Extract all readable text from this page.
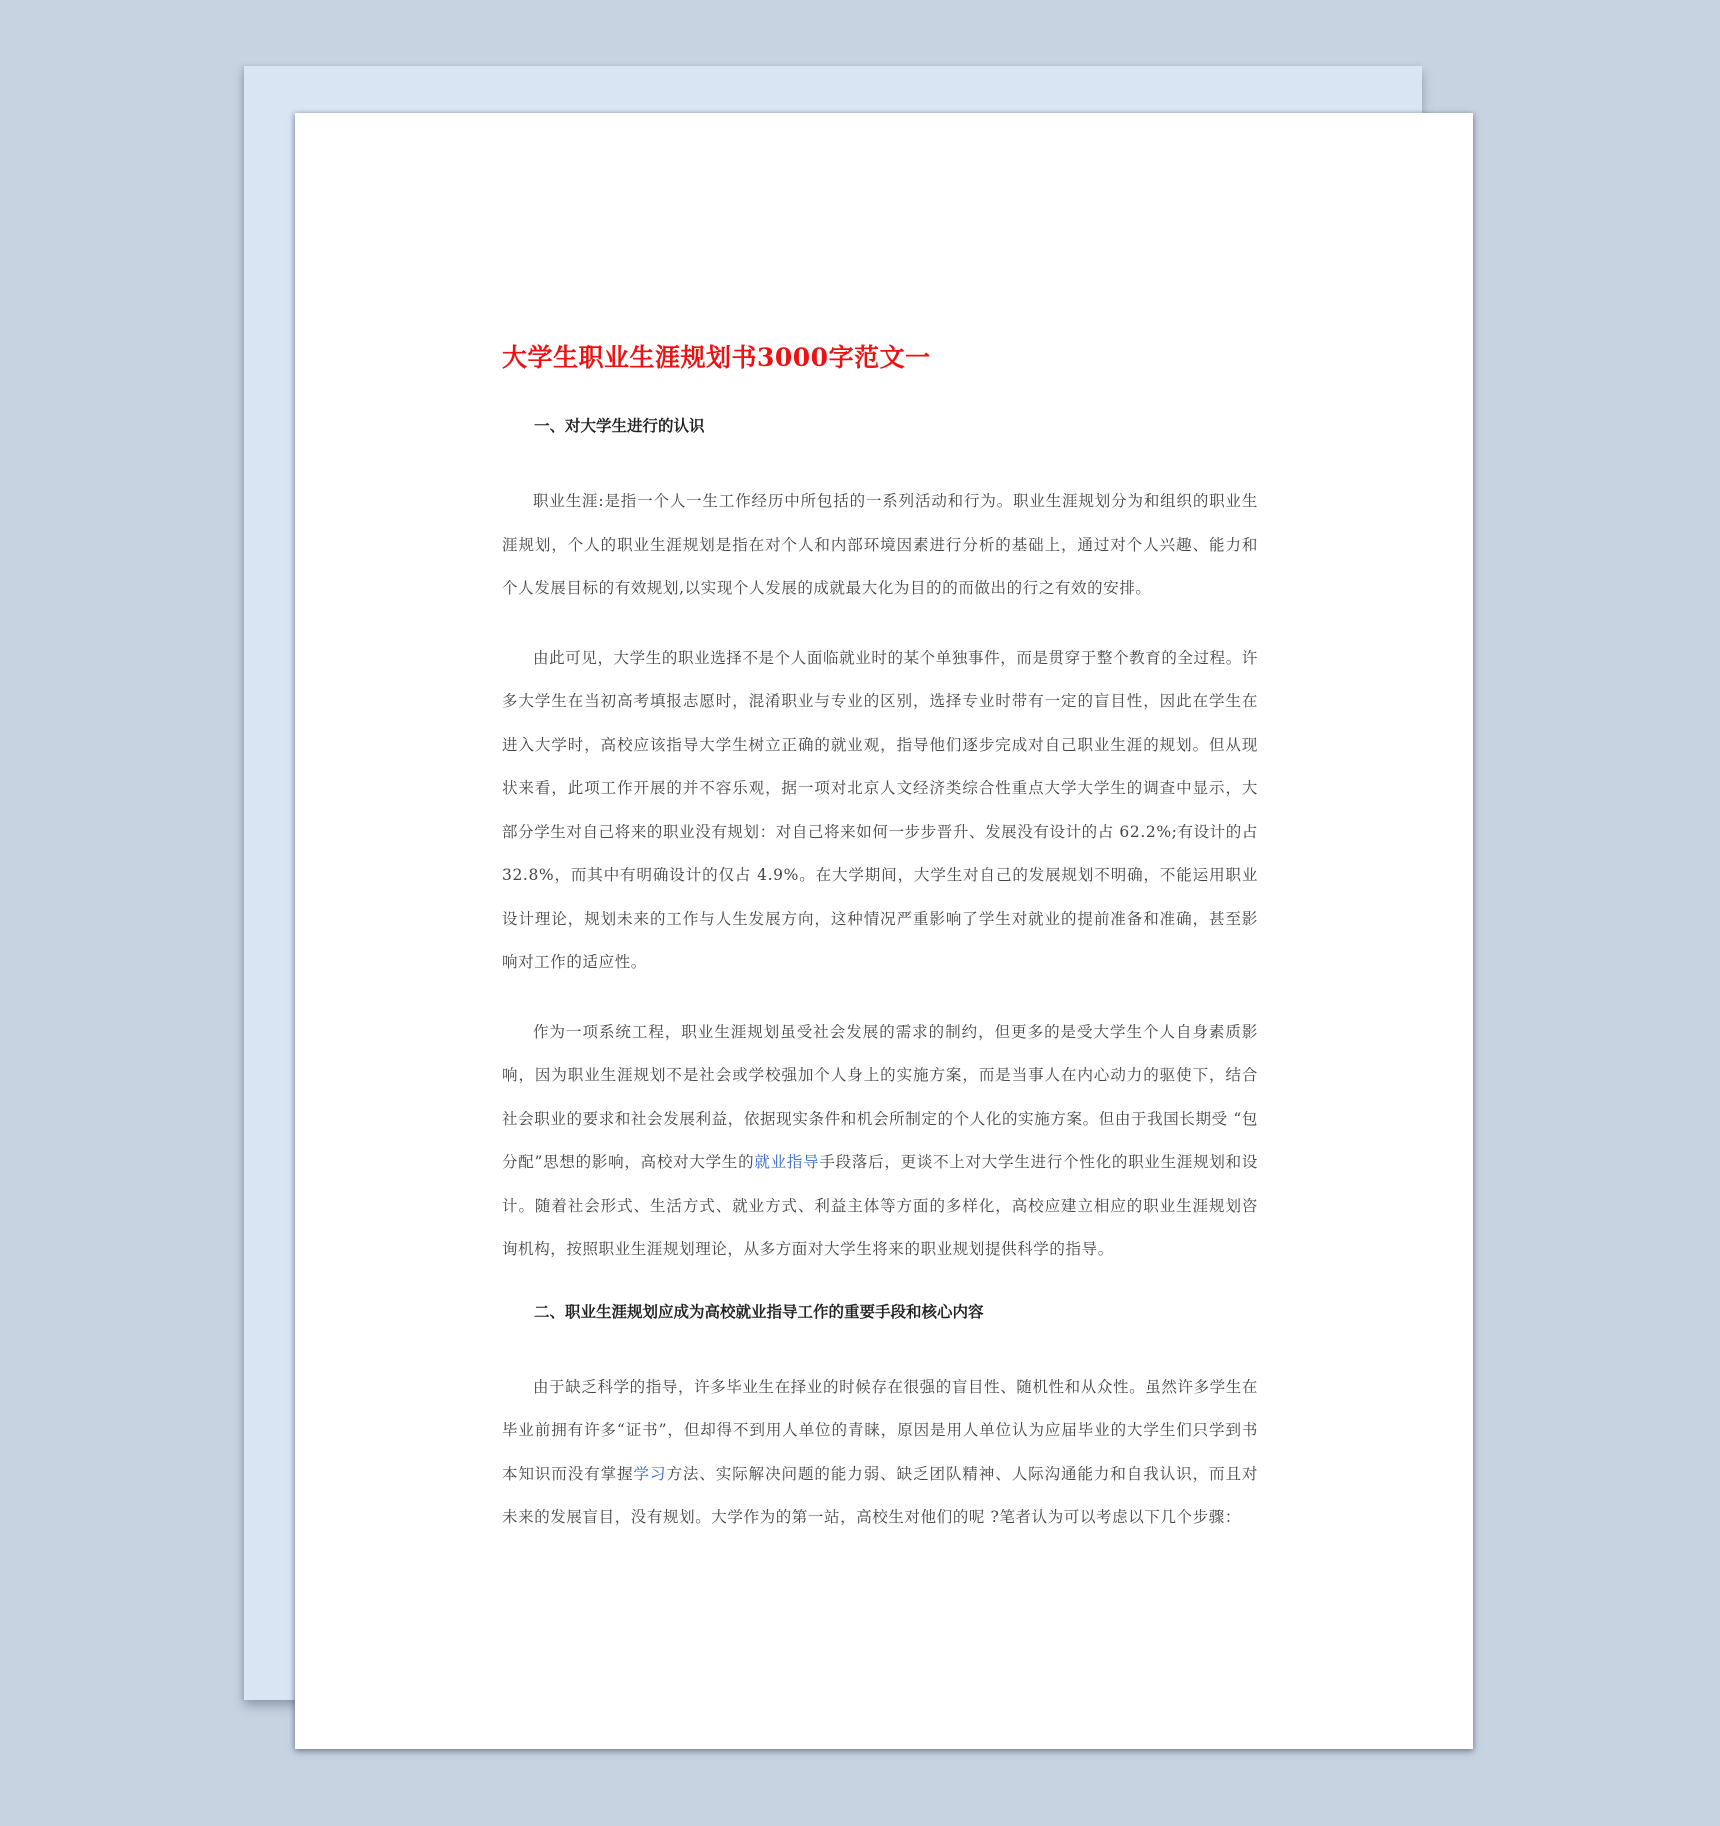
大学生职业生涯规划书3000字范文一
一、对大学生进行的认识

职业生涯:是指一个人一生工作经历中所包括的一系列活动和行为。职业生涯规划分为和组织的职业生涯规划，个人的职业生涯规划是指在对个人和内部环境因素进行分析的基础上，通过对个人兴趣、能力和个人发展目标的有效规划,以实现个人发展的成就最大化为目的的而做出的行之有效的安排。

由此可见，大学生的职业选择不是个人面临就业时的某个单独事件，而是贯穿于整个教育的全过程。许多大学生在当初高考填报志愿时，混淆职业与专业的区别，选择专业时带有一定的盲目性，因此在学生在进入大学时，高校应该指导大学生树立正确的就业观，指导他们逐步完成对自己职业生涯的规划。但从现状来看，此项工作开展的并不容乐观，据一项对北京人文经济类综合性重点大学大学生的调查中显示，大部分学生对自己将来的职业没有规划：对自己将来如何一步步晋升、发展没有设计的占 62.2%;有设计的占 32.8%，而其中有明确设计的仅占 4.9%。在大学期间，大学生对自己的发展规划不明确，不能运用职业设计理论，规划未来的工作与人生发展方向，这种情况严重影响了学生对就业的提前准备和准确，甚至影响对工作的适应性。

作为一项系统工程，职业生涯规划虽受社会发展的需求的制约，但更多的是受大学生个人自身素质影响，因为职业生涯规划不是社会或学校强加个人身上的实施方案，而是当事人在内心动力的驱使下，结合社会职业的要求和社会发展利益，依据现实条件和机会所制定的个人化的实施方案。但由于我国长期受 “包分配”思想的影响，高校对大学生的就业指导手段落后，更谈不上对大学生进行个性化的职业生涯规划和设计。随着社会形式、生活方式、就业方式、利益主体等方面的多样化，高校应建立相应的职业生涯规划咨询机构，按照职业生涯规划理论，从多方面对大学生将来的职业规划提供科学的指导。

二、职业生涯规划应成为高校就业指导工作的重要手段和核心内容

由于缺乏科学的指导，许多毕业生在择业的时候存在很强的盲目性、随机性和从众性。虽然许多学生在毕业前拥有许多“证书”，但却得不到用人单位的青睐，原因是用人单位认为应届毕业的大学生们只学到书本知识而没有掌握学习方法、实际解决问题的能力弱、缺乏团队精神、人际沟通能力和自我认识，而且对未来的发展盲目，没有规划。大学作为的第一站，高校生对他们的呢 ?笔者认为可以考虑以下几个步骤：
